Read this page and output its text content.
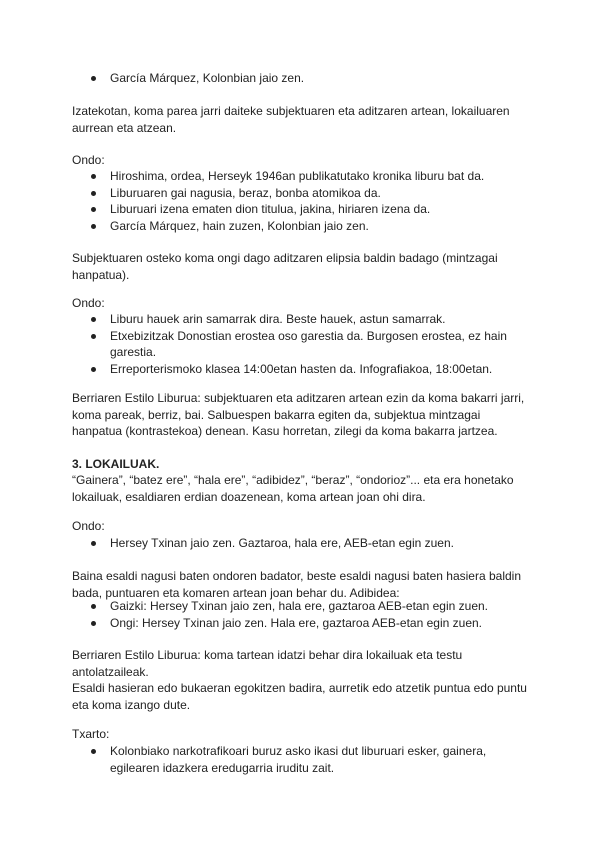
García Márquez, Kolonbian jaio zen.

Izatekotan, koma parea jarri daiteke subjektuaren eta aditzaren artean, lokailuaren aurrean eta atzean.

Ondo:

Hiroshima, ordea, Herseyk 1946an publikatutako kronika liburu bat da.
Liburuaren gai nagusia, beraz, bonba atomikoa da.
Liburuari izena ematen dion titulua, jakina, hiriaren izena da.
García Márquez, hain zuzen, Kolonbian jaio zen.

Subjektuaren osteko koma ongi dago aditzaren elipsia baldin badago (mintzagai hanpatua).

Ondo:

Liburu hauek arin samarrak dira. Beste hauek, astun samarrak.
Etxebizitzak Donostian erostea oso garestia da. Burgosen erostea, ez hain garestia.
Erreporterismoko klasea 14:00etan hasten da. Infografiakoa, 18:00etan.

Berriaren Estilo Liburua: subjektuaren eta aditzaren artean ezin da koma bakarri jarri, koma pareak, berriz, bai. Salbuespen bakarra egiten da, subjektua mintzagai hanpatua (kontrastekoa) denean. Kasu horretan, zilegi da koma bakarra jartzea.

3. LOKAILUAK.

“Gainera”, “batez ere”, “hala ere”, “adibidez”, “beraz”, “ondorioz”... eta era honetako lokailuak, esaldiaren erdian doazenean, koma artean joan ohi dira.

Ondo:

Hersey Txinan jaio zen. Gaztaroa, hala ere, AEB-etan egin zuen.

Baina esaldi nagusi baten ondoren badator, beste esaldi nagusi baten hasiera baldin bada, puntuaren eta komaren artean joan behar du. Adibidea:

Gaizki: Hersey Txinan jaio zen, hala ere, gaztaroa AEB-etan egin zuen.
Ongi: Hersey Txinan jaio zen. Hala ere, gaztaroa AEB-etan egin zuen.

Berriaren Estilo Liburua: koma tartean idatzi behar dira lokailuak eta testu antolatzaileak.

Esaldi hasieran edo bukaeran egokitzen badira, aurretik edo atzetik puntua edo puntu eta koma izango dute.

Txarto:

Kolonbiako narkotrafikoari buruz asko ikasi dut liburuari esker, gainera, egilearen idazkera eredugarria iruditu zait.
